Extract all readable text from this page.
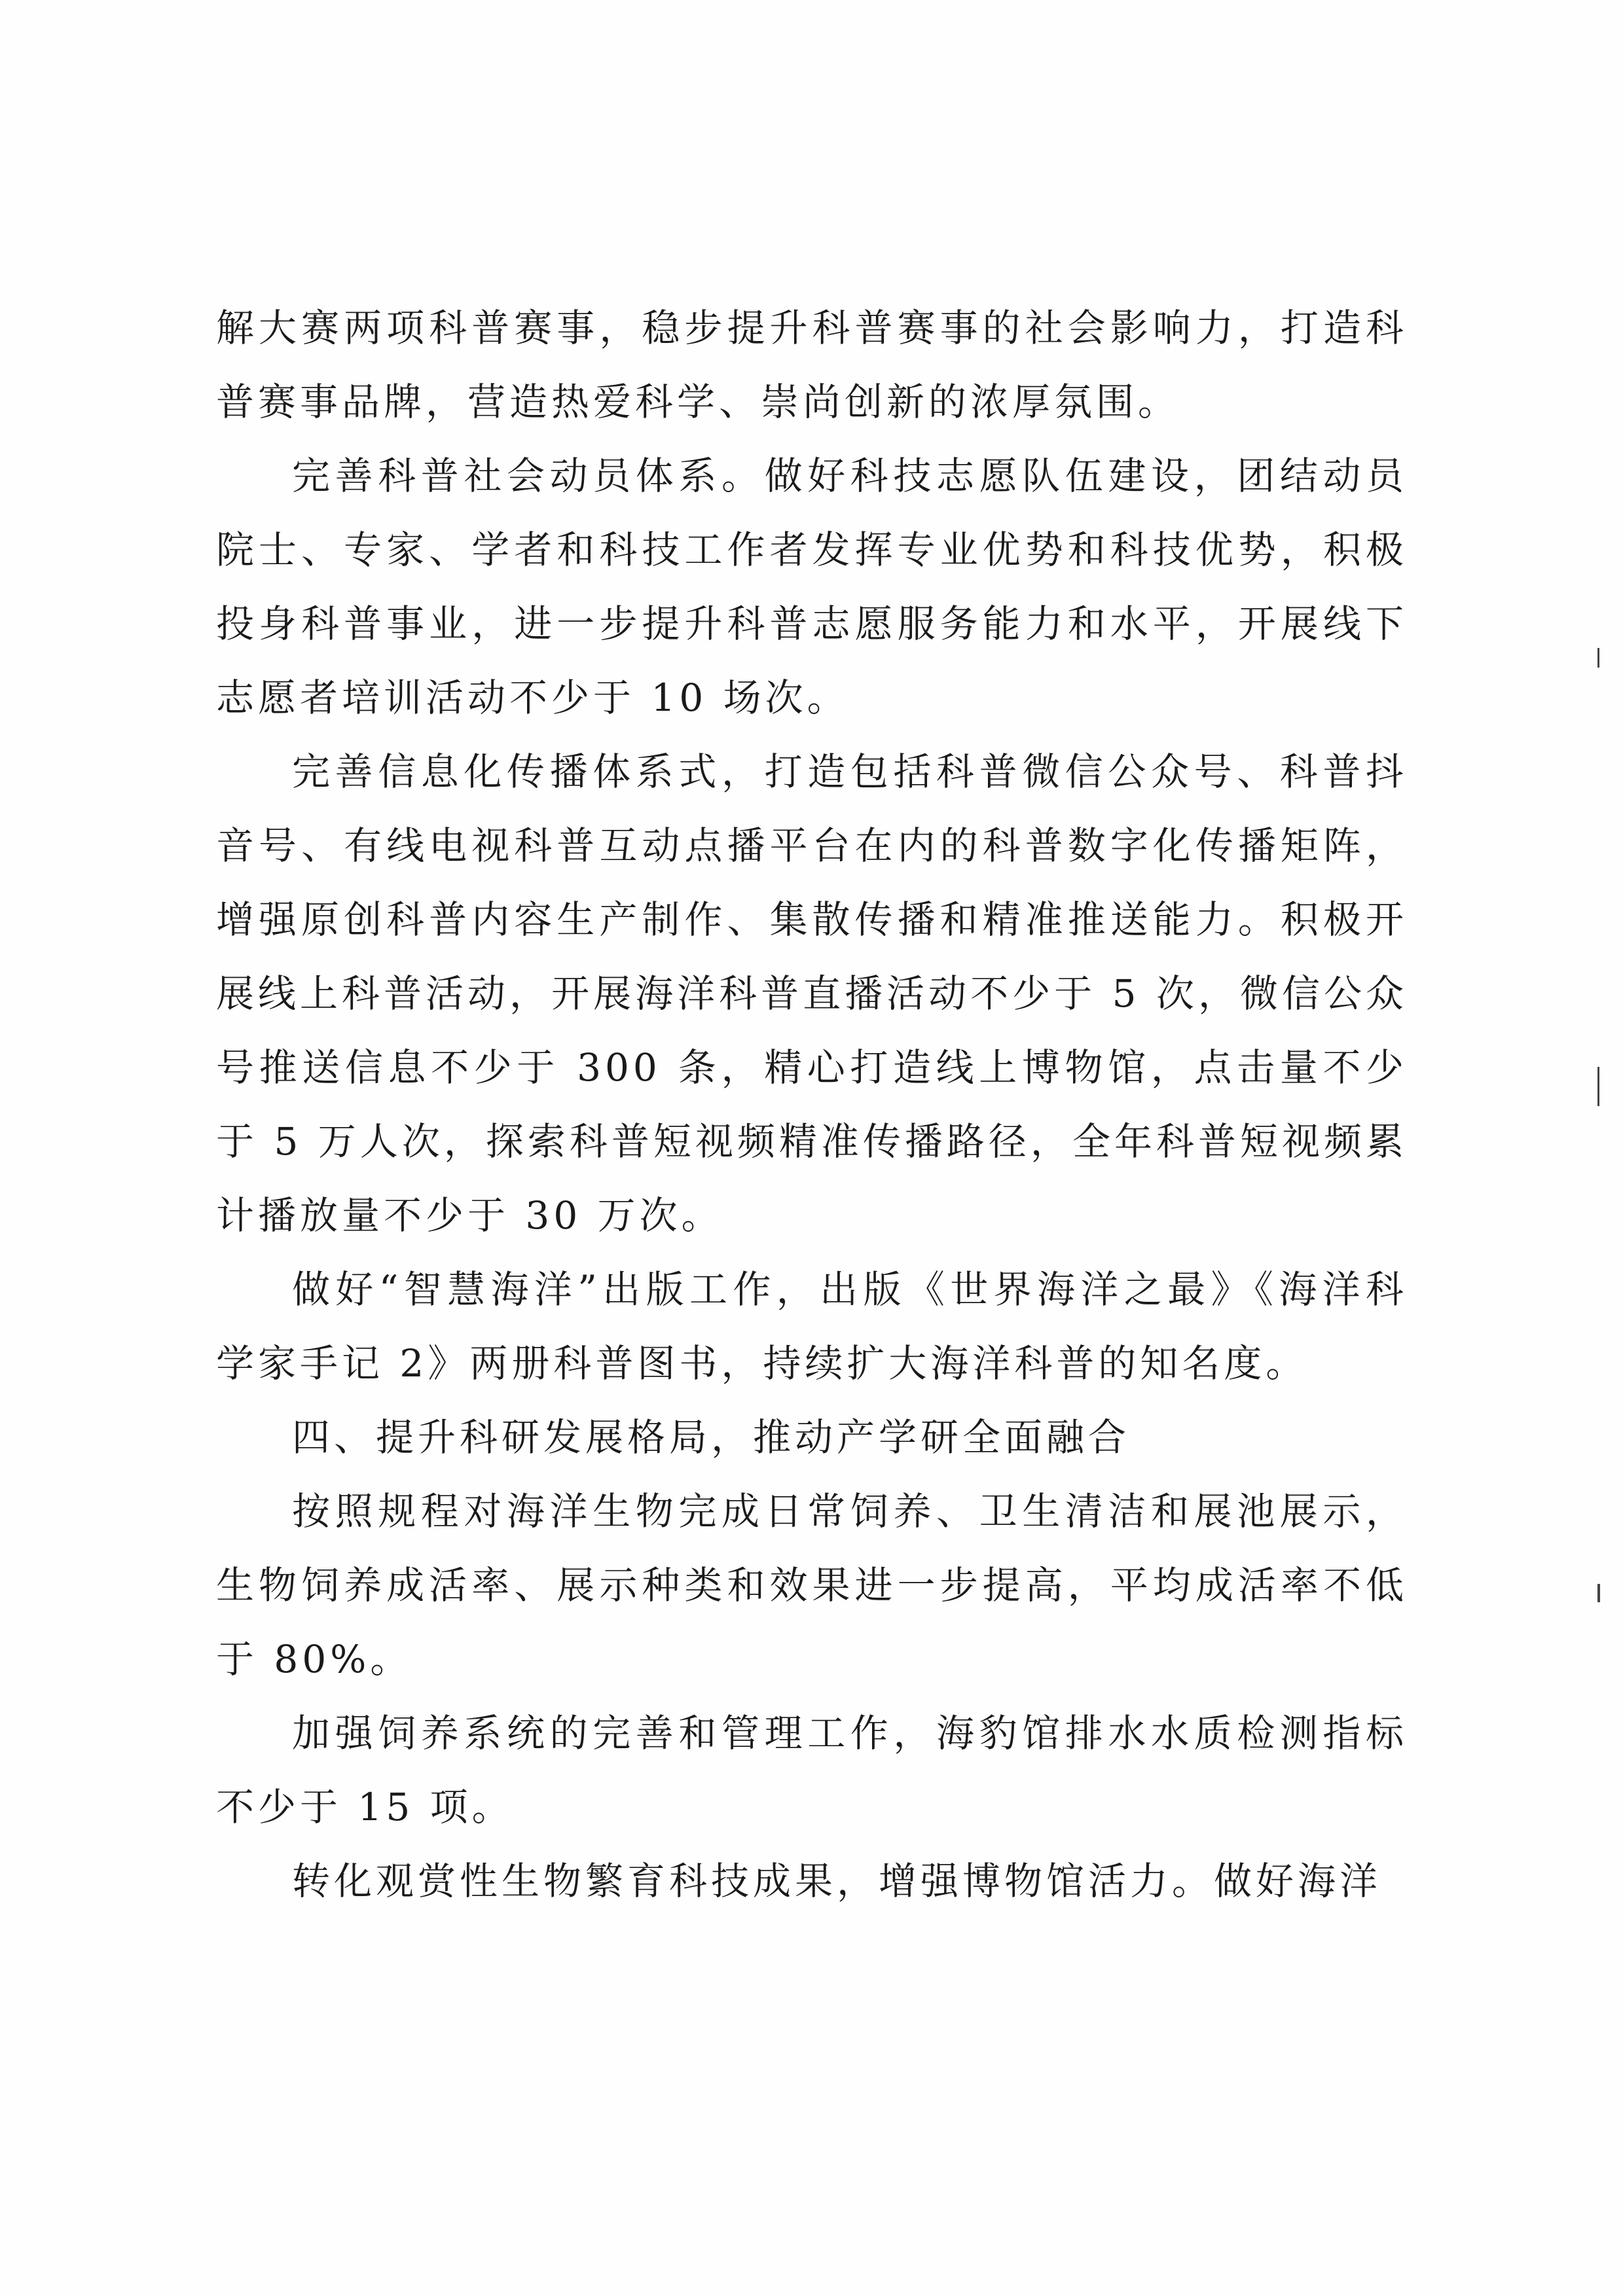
解大赛两项科普赛事，稳步提升科普赛事的社会影响力，打造科普赛事品牌，营造热爱科学、崇尚创新的浓厚氛围。

完善科普社会动员体系。做好科技志愿队伍建设，团结动员院士、专家、学者和科技工作者发挥专业优势和科技优势，积极投身科普事业，进一步提升科普志愿服务能力和水平，开展线下志愿者培训活动不少于 10 场次。

完善信息化传播体系式，打造包括科普微信公众号、科普抖音号、有线电视科普互动点播平台在内的科普数字化传播矩阵，增强原创科普内容生产制作、集散传播和精准推送能力。积极开展线上科普活动，开展海洋科普直播活动不少于 5 次，微信公众号推送信息不少于 300 条，精心打造线上博物馆，点击量不少于 5 万人次，探索科普短视频精准传播路径，全年科普短视频累计播放量不少于 30 万次。

做好“智慧海洋”出版工作，出版《世界海洋之最》《海洋科学家手记 2》两册科普图书，持续扩大海洋科普的知名度。

四、提升科研发展格局，推动产学研全面融合

按照规程对海洋生物完成日常饲养、卫生清洁和展池展示，生物饲养成活率、展示种类和效果进一步提高，平均成活率不低于 80%。

加强饲养系统的完善和管理工作，海豹馆排水水质检测指标不少于 15 项。

转化观赏性生物繁育科技成果，增强博物馆活力。做好海洋
